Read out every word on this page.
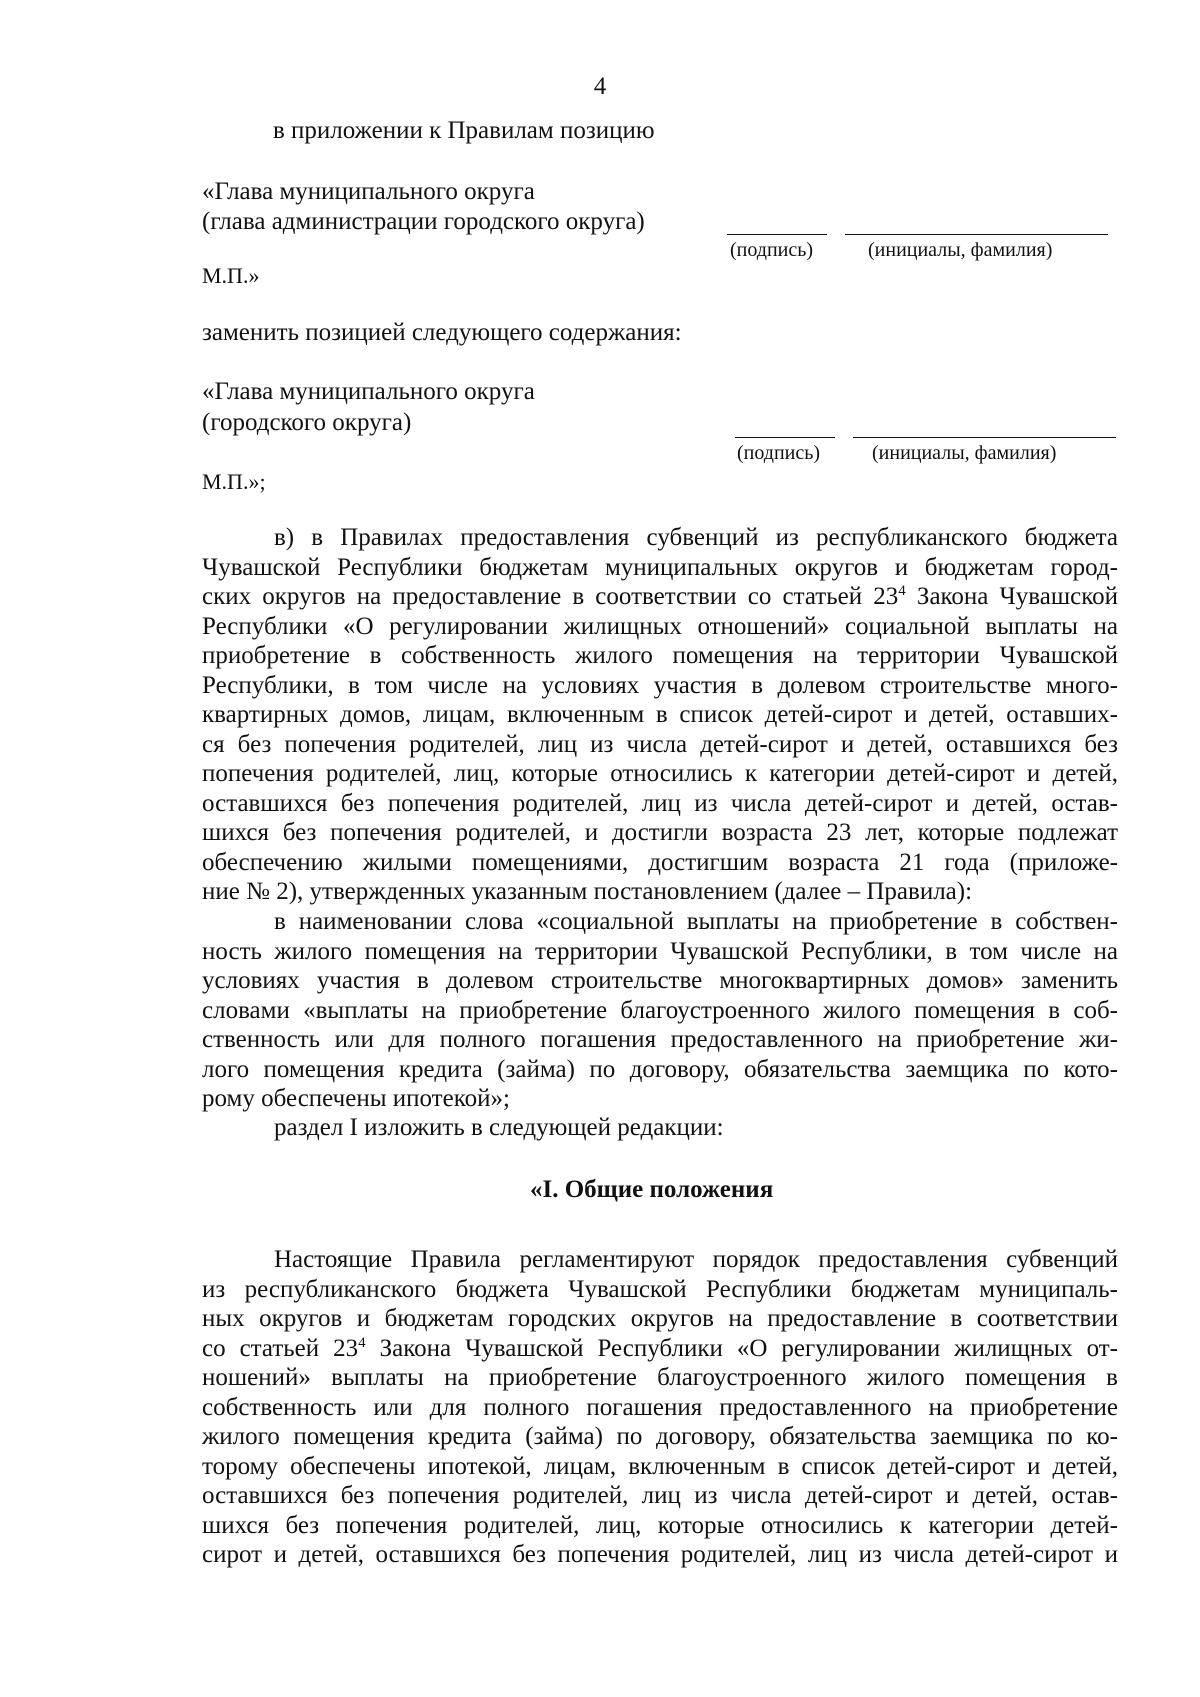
4
в приложении к Правилам позицию
«Глава муниципального округа
(глава администрации городского округа)
(подпись)	(инициалы, фамилия)
М.П.»
заменить позицией следующего содержания:
«Глава муниципального округа
(городского округа)
(подпись)	(инициалы, фамилия)
М.П.»;
в) в Правилах предоставления субвенций из республиканского бюджета
Чувашской Республики бюджетам муниципальных округов и бюджетам город-
ских округов на предоставление в соответствии со статьей $23^4$ Закона Чувашской
Республики «О регулировании жилищных отношений» социальной выплаты на
приобретение в собственность жилого помещения на территории Чувашской
Республики, в том числе на условиях участия в долевом строительстве много-
квартирных домов, лицам, включенным в список детей-сирот и детей, оставших-
ся без попечения родителей, лиц из числа детей-сирот и детей, оставшихся без
попечения родителей, лиц, которые относились к категории детей-сирот и детей,
оставшихся без попечения родителей, лиц из числа детей-сирот и детей, остав-
шихся без попечения родителей, и достигли возраста 23 лет, которые подлежат
обеспечению жилыми помещениями, достигшим возраста 21 года (приложе-
ние № 2), утвержденных указанным постановлением (далее – Правила):
в наименовании слова «социальной выплаты на приобретение в собствен-
ность жилого помещения на территории Чувашской Республики, в том числе на
условиях участия в долевом строительстве многоквартирных домов» заменить
словами «выплаты на приобретение благоустроенного жилого помещения в соб-
ственность или для полного погашения предоставленного на приобретение жи-
лого помещения кредита (займа) по договору, обязательства заемщика по кото-
рому обеспечены ипотекой»;
раздел I изложить в следующей редакции:
«I. Общие положения
Настоящие Правила регламентируют порядок предоставления субвенций
из республиканского бюджета Чувашской Республики бюджетам муниципаль-
ных округов и бюджетам городских округов на предоставление в соответствии
со статьей $23^4$ Закона Чувашской Республики «О регулировании жилищных от-
ношений» выплаты на приобретение благоустроенного жилого помещения в
собственность или для полного погашения предоставленного на приобретение
жилого помещения кредита (займа) по договору, обязательства заемщика по ко-
торому обеспечены ипотекой, лицам, включенным в список детей-сирот и детей,
оставшихся без попечения родителей, лиц из числа детей-сирот и детей, остав-
шихся без попечения родителей, лиц, которые относились к категории детей-
сирот и детей, оставшихся без попечения родителей, лиц из числа детей-сирот и
